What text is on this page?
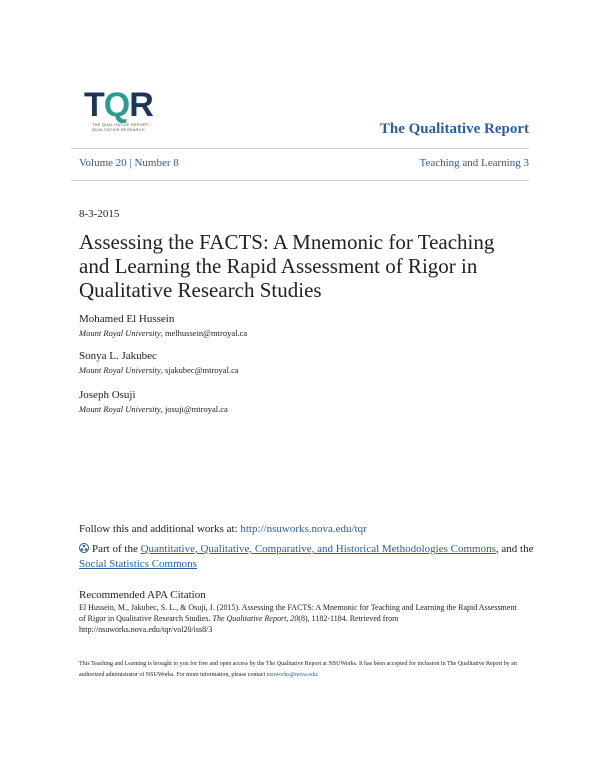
TQR
THE QUALITATIVE REPORT · QUALITATIVE RESEARCH	The Qualitative Report
Volume 20 | Number 8	Teaching and Learning 3
8-3-2015
Assessing the FACTS: A Mnemonic for Teaching and Learning the Rapid Assessment of Rigor in Qualitative Research Studies
Mohamed El Hussein
Mount Royal University, melhussein@mtroyal.ca
Sonya L. Jakubec
Mount Royal University, sjakubec@mtroyal.ca
Joseph Osuji
Mount Royal University, josuji@mtroyal.ca
Follow this and additional works at: http://nsuworks.nova.edu/tqr
Part of the Quantitative, Qualitative, Comparative, and Historical Methodologies Commons, and the Social Statistics Commons
Recommended APA Citation
El Hussein, M., Jakubec, S. L., & Osuji, J. (2015). Assessing the FACTS: A Mnemonic for Teaching and Learning the Rapid Assessment of Rigor in Qualitative Research Studies. The Qualitative Report, 20(8), 1182-1184. Retrieved from
http://nsuworks.nova.edu/tqr/vol20/iss8/3
This Teaching and Learning is brought to you for free and open access by the The Qualitative Report at NSUWorks. It has been accepted for inclusion in The Qualitative Report by an authorized administrator of NSUWorks. For more information, please contact nsuworks@nova.edu.
